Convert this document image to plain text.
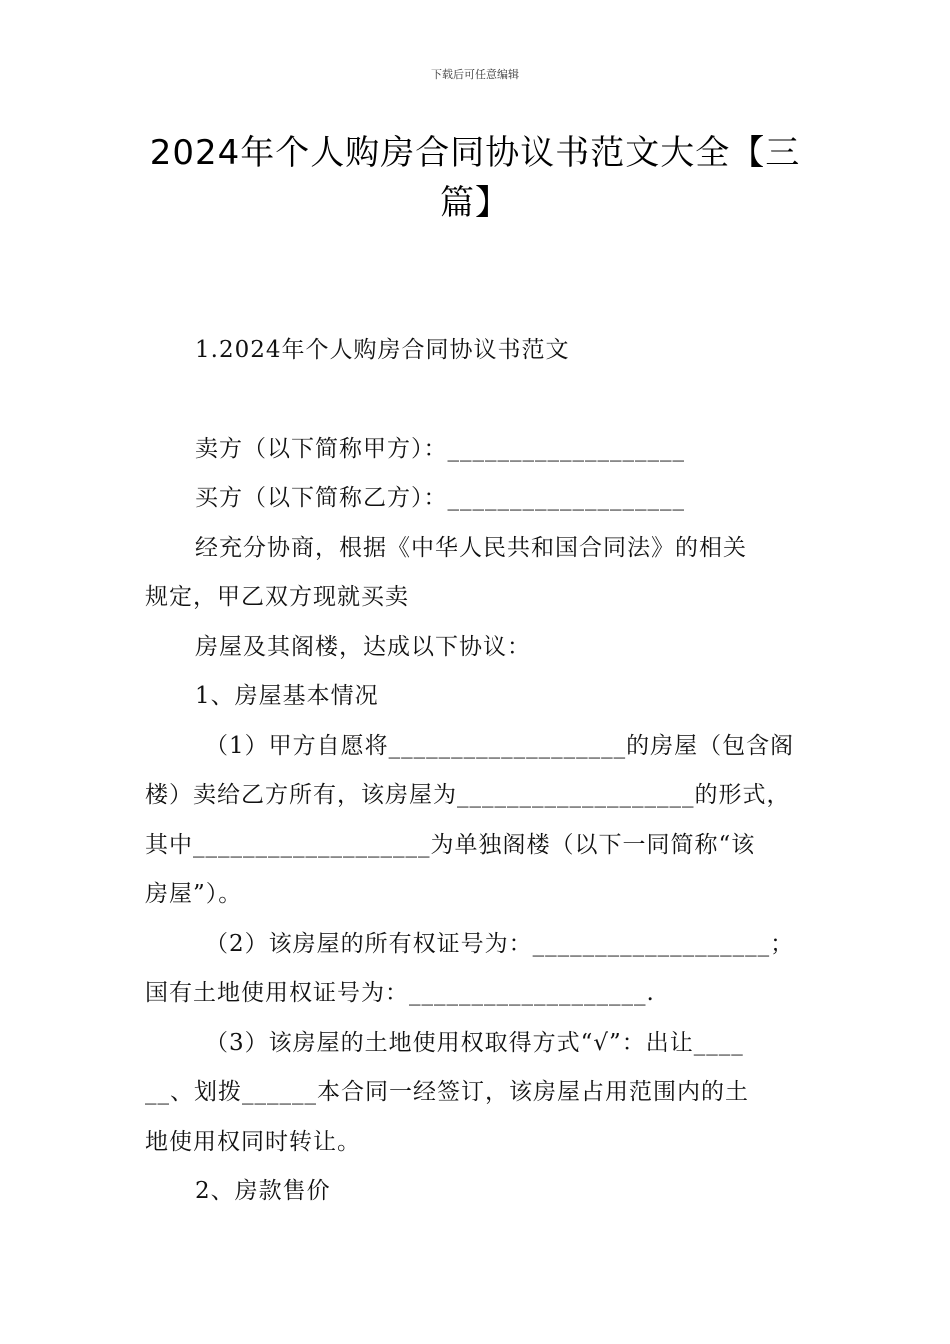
下载后可任意编辑
2024年个人购房合同协议书范文大全【三
篇】
1.2024年个人购房合同协议书范文
卖方（以下简称甲方）：___________________
买方（以下简称乙方）：___________________
经充分协商，根据《中华人民共和国合同法》的相关
规定，甲乙双方现就买卖
房屋及其阁楼，达成以下协议：
1、房屋基本情况
（1）甲方自愿将___________________的房屋（包含阁
楼）卖给乙方所有，该房屋为___________________的形式，
其中___________________为单独阁楼（以下一同简称“该
房屋”）。
（2）该房屋的所有权证号为：___________________；
国有土地使用权证号为：___________________.
（3）该房屋的土地使用权取得方式“√”：出让____
__、划拨______本合同一经签订，该房屋占用范围内的土
地使用权同时转让。
2、房款售价
